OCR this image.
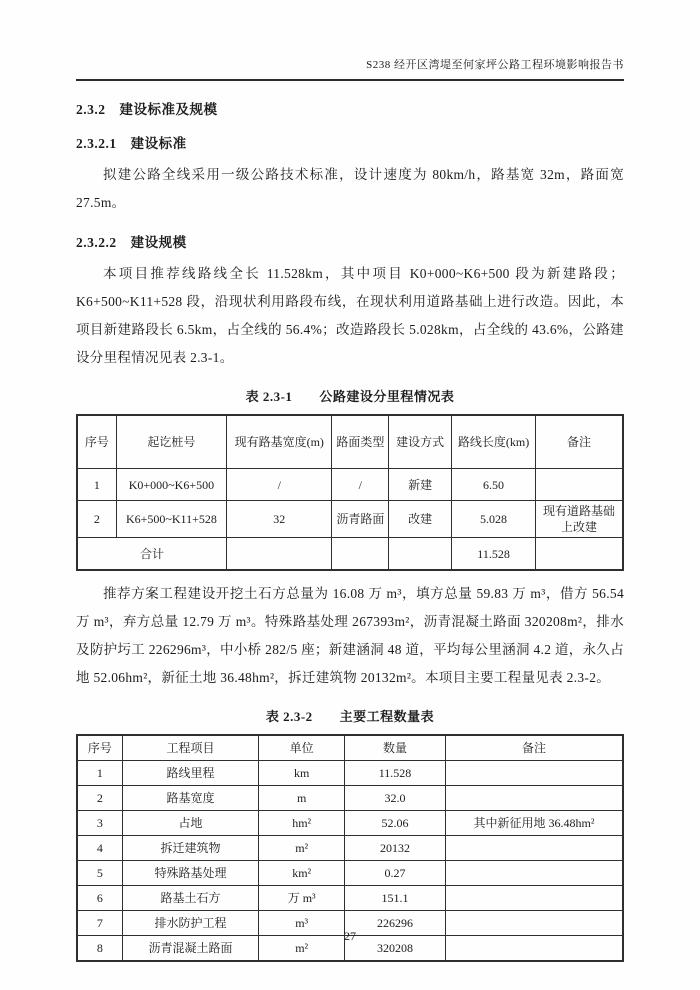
S238 经开区湾堤至何家坪公路工程环境影响报告书
2.3.2　建设标准及规模
2.3.2.1　建设标准
拟建公路全线采用一级公路技术标准，设计速度为 80km/h，路基宽 32m，路面宽 27.5m。
2.3.2.2　建设规模
本项目推荐线路线全长 11.528km，其中项目 K0+000~K6+500 段为新建路段；K6+500~K11+528 段，沿现状利用路段布线，在现状利用道路基础上进行改造。因此，本项目新建路段长 6.5km，占全线的 56.4%；改造路段长 5.028km，占全线的 43.6%，公路建设分里程情况见表 2.3-1。
表 2.3-1　　公路建设分里程情况表
序号	起讫桩号	现有路基宽度(m)	路面类型	建设方式	路线长度(km)	备注
1	K0+000~K6+500	/	/	新建	6.50	
2	K6+500~K11+528	32	沥青路面	改建	5.028	现有道路基础上改建
合计					11.528	
推荐方案工程建设开挖土石方总量为 16.08 万 m³，填方总量 59.83 万 m³，借方 56.54 万 m³，弃方总量 12.79 万 m³。特殊路基处理 267393m²，沥青混凝土路面 320208m²，排水及防护圬工 226296m³，中小桥 282/5 座；新建涵洞 48 道，平均每公里涵洞 4.2 道，永久占地 52.06hm²，新征土地 36.48hm²，拆迁建筑物 20132m²。本项目主要工程量见表 2.3-2。
表 2.3-2　　主要工程数量表
序号	工程项目	单位	数量	备注
1	路线里程	km	11.528	
2	路基宽度	m	32.0	
3	占地	hm²	52.06	其中新征用地 36.48hm²
4	拆迁建筑物	m²	20132	
5	特殊路基处理	km²	0.27	
6	路基土石方	万 m³	151.1	
7	排水防护工程	m³	226296	
8	沥青混凝土路面	m²	320208	
27
